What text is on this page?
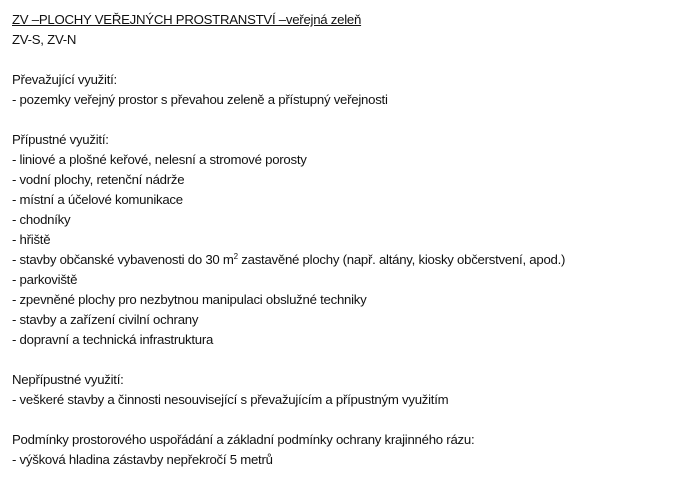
ZV –PLOCHY VEŘEJNÝCH PROSTRANSTVÍ –veřejná zeleň
ZV-S, ZV-N
Převažující využití:
- pozemky veřejný prostor s převahou zeleně a přístupný veřejnosti
Přípustné využití:
- liniové a plošné keřové, nelesní a stromové porosty
- vodní plochy, retenční nádrže
- místní a účelové komunikace
- chodníky
- hřiště
- stavby občanské vybavenosti do 30 $m^2$ zastavěné plochy (např. altány, kiosky občerstvení, apod.)
- parkoviště
- zpevněné plochy pro nezbytnou manipulaci obslužné techniky
- stavby a zařízení civilní ochrany
- dopravní a technická infrastruktura
Nepřípustné využití:
- veškeré stavby a činnosti nesouvisející s převažujícím a přípustným využitím
Podmínky prostorového uspořádání a základní podmínky ochrany krajinného rázu:
- výšková hladina zástavby nepřekročí 5 metrů
